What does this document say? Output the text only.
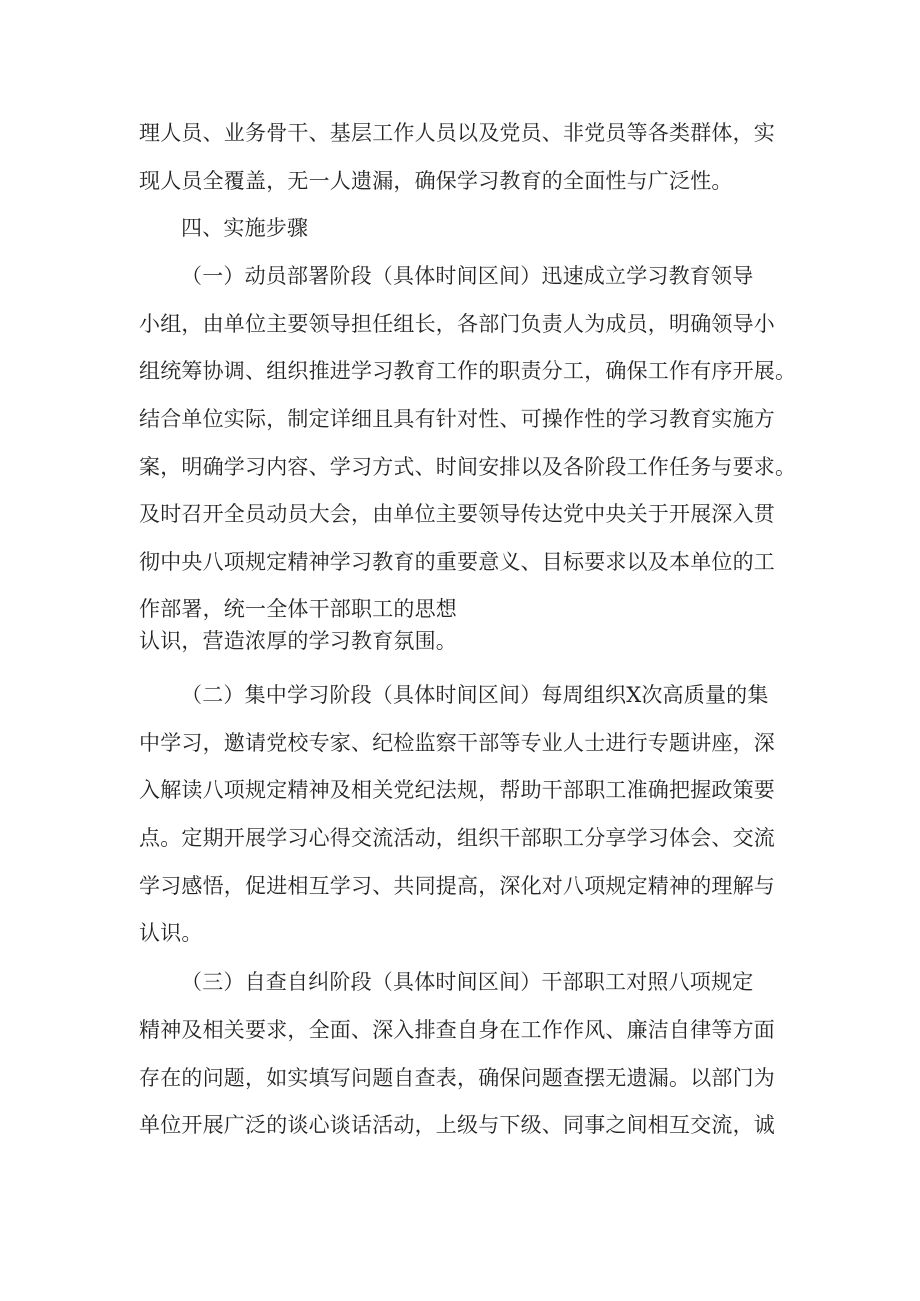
理人员、业务骨干、基层工作人员以及党员、非党员等各类群体，实
现人员全覆盖，无一人遗漏，确保学习教育的全面性与广泛性。
四、实施步骤
（一）动员部署阶段（具体时间区间）迅速成立学习教育领导
小组，由单位主要领导担任组长，各部门负责人为成员，明确领导小
组统筹协调、组织推进学习教育工作的职责分工，确保工作有序开展。
结合单位实际，制定详细且具有针对性、可操作性的学习教育实施方
案，明确学习内容、学习方式、时间安排以及各阶段工作任务与要求。
及时召开全员动员大会，由单位主要领导传达党中央关于开展深入贯
彻中央八项规定精神学习教育的重要意义、目标要求以及本单位的工
作部署，统一全体干部职工的思想
认识，营造浓厚的学习教育氛围。
（二）集中学习阶段（具体时间区间）每周组织X次高质量的集
中学习，邀请党校专家、纪检监察干部等专业人士进行专题讲座，深
入解读八项规定精神及相关党纪法规，帮助干部职工准确把握政策要
点。定期开展学习心得交流活动，组织干部职工分享学习体会、交流
学习感悟，促进相互学习、共同提高，深化对八项规定精神的理解与
认识。
（三）自查自纠阶段（具体时间区间）干部职工对照八项规定
精神及相关要求，全面、深入排查自身在工作作风、廉洁自律等方面
存在的问题，如实填写问题自查表，确保问题查摆无遗漏。以部门为
单位开展广泛的谈心谈话活动，上级与下级、同事之间相互交流，诚
